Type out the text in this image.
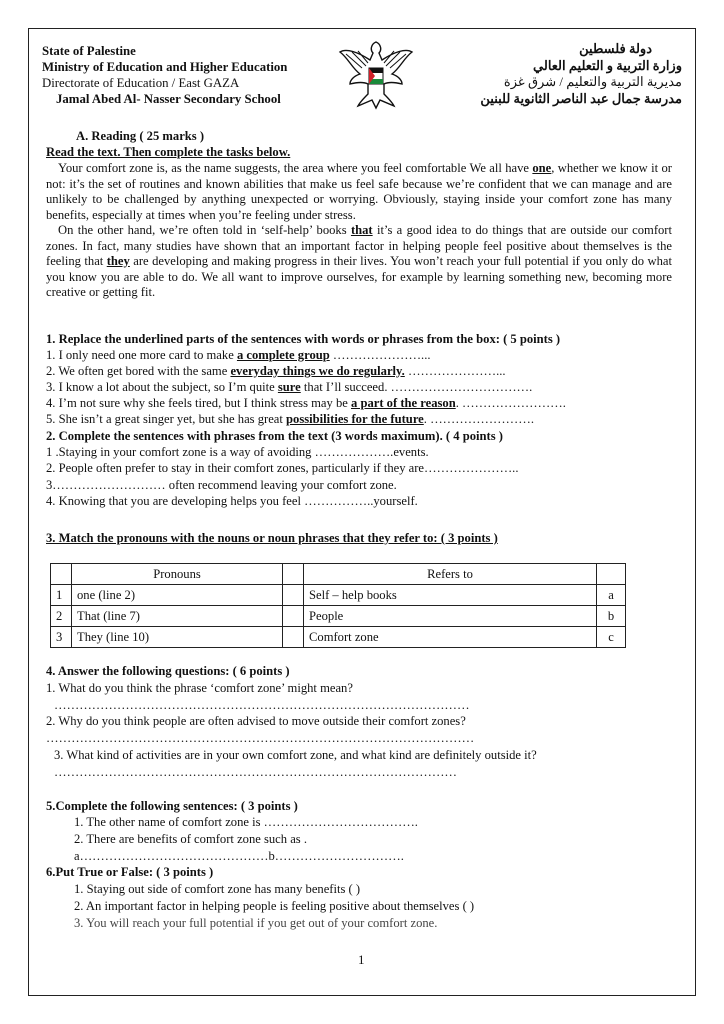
State of Palestine
Ministry of Education and Higher Education
Directorate of Education / East GAZA
Jamal Abed Al- Nasser Secondary School
دولة فلسطين
وزارة التربية و التعليم العالي
مديرية التربية والتعليم / شرق غزة
مدرسة جمال عبد الناصر الثانوية للبنين
A. Reading ( 25 marks )
Read the text. Then complete the tasks below.

Your comfort zone is, as the name suggests, the area where you feel comfortable We all have one, whether we know it or not: it’s the set of routines and known abilities that make us feel safe because we’re confident that we can manage and are unlikely to be challenged by anything unexpected or worrying. Obviously, staying inside your comfort zone has many benefits, especially at times when you’re feeling under stress.

On the other hand, we’re often told in ‘self-help’ books that it’s a good idea to do things that are outside our comfort zones. In fact, many studies have shown that an important factor in helping people feel positive about themselves is the feeling that they are developing and making progress in their lives. You won’t reach your full potential if you only do what you know you are able to do. We all want to improve ourselves, for example by learning something new, becoming more creative or getting fit.

1. Replace the underlined parts of the sentences with words or phrases from the box: ( 5 points )
1. I only need one more card to make a complete group …………………...
2. We often get bored with the same everyday things we do regularly. …………………...
3. I know a lot about the subject, so I’m quite sure that I’ll succeed. …………………………….
4. I’m not sure why she feels tired, but I think stress may be a part of the reason. …………………….
5. She isn’t a great singer yet, but she has great possibilities for the future. …………………….
2. Complete the sentences with phrases from the text (3 words maximum). ( 4 points )
1 .Staying in your comfort zone is a way of avoiding ……………….events.
2. People often prefer to stay in their comfort zones, particularly if they are…………………..
3……………………… often recommend leaving your comfort zone.
4. Knowing that you are developing helps you feel ……………..yourself.
3. Match the pronouns with the nouns or noun phrases that they refer to: ( 3 points )
	Pronouns		Refers to	
1	one (line 2)		Self – help books	a
2	That (line 7)		People	b
3	They (line 10)		Comfort zone	c
4. Answer the following questions: ( 6 points )
1. What do you think the phrase ‘comfort zone’ might mean?
………………………………………………………………………………………
2. Why do you think people are often advised to move outside their comfort zones?
…………………………………………………………………………………………
3. What kind of activities are in your own comfort zone, and what kind are definitely outside it?
……………………………………………………………………………………
5.Complete the following sentences: ( 3 points )
1. The other name of comfort zone is ……………………………….
2. There are benefits of comfort zone such as .
a………………………………………b………………………….
6.Put True or False: ( 3 points )
1. Staying out side of comfort zone has many benefits ( )
2. An important factor in helping people is feeling positive about themselves ( )
3. You will reach your full potential if you get out of your comfort zone.
1
